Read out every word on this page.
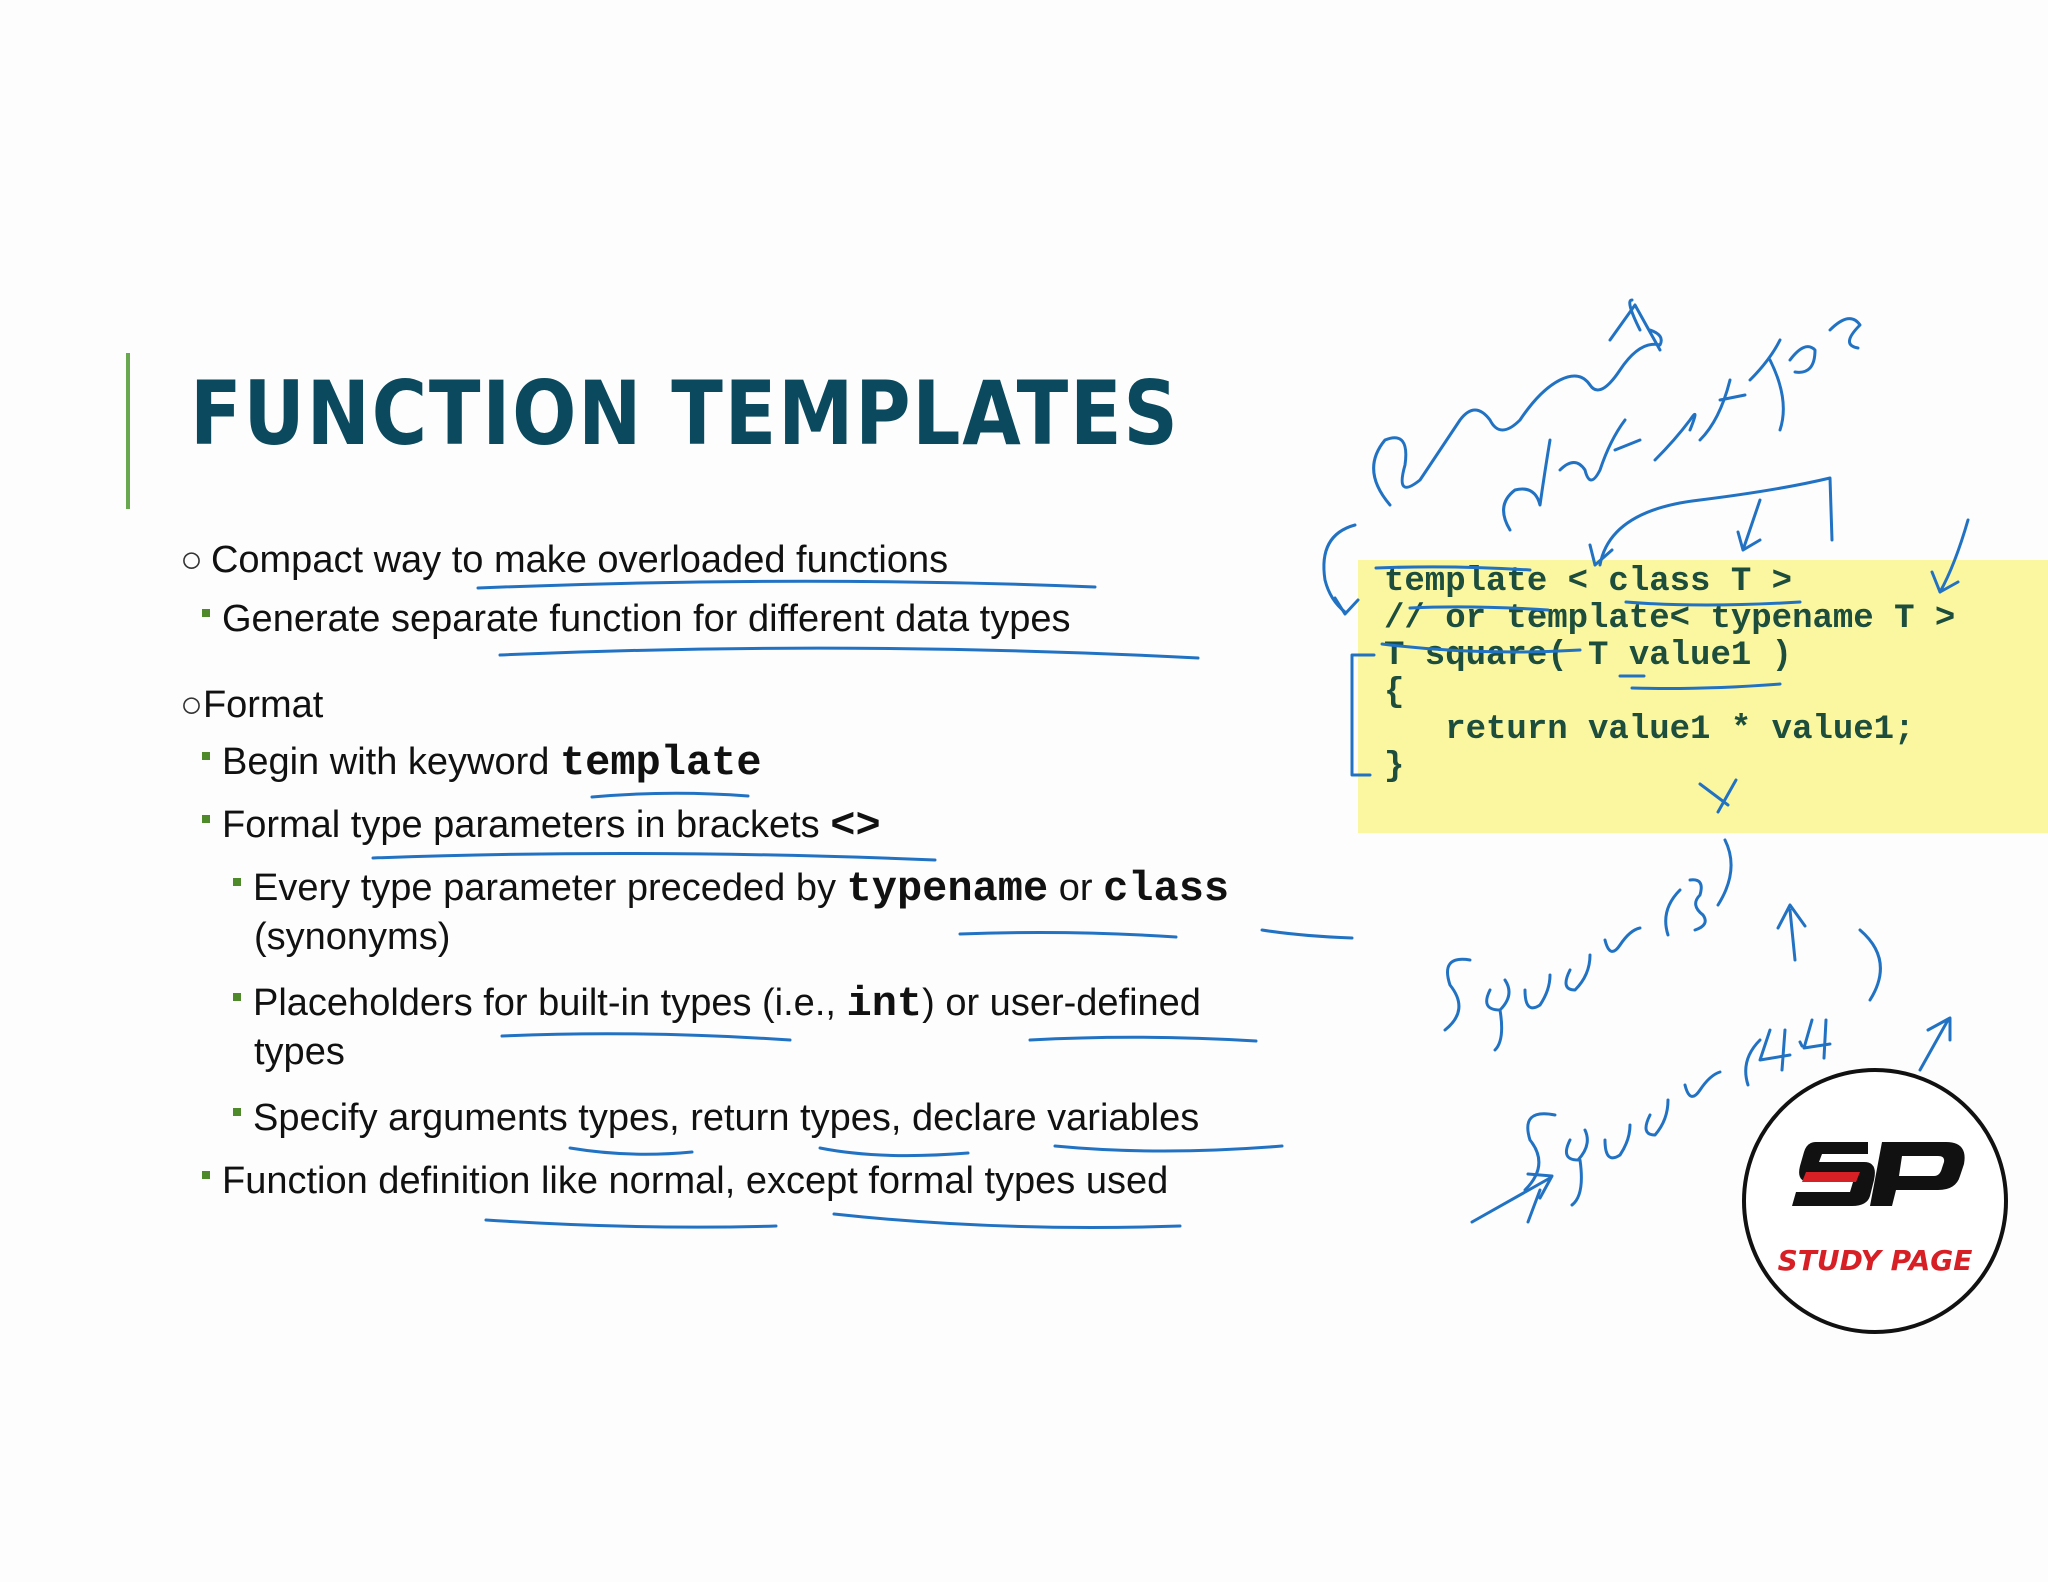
FUNCTION TEMPLATES
○ Compact way to make overloaded functions
Generate separate function for different data types
○Format
Begin with keyword template
Formal type parameters in brackets <>
Every type parameter preceded by typename or class
(synonyms)
Placeholders for built-in types (i.e., int) or user-defined
types
Specify arguments types, return types, declare variables
Function definition like normal, except formal types used
template < class T >
// or template< typename T >
T square( T value1 )
{
return value1 * value1;
}
STUDY PAGE
